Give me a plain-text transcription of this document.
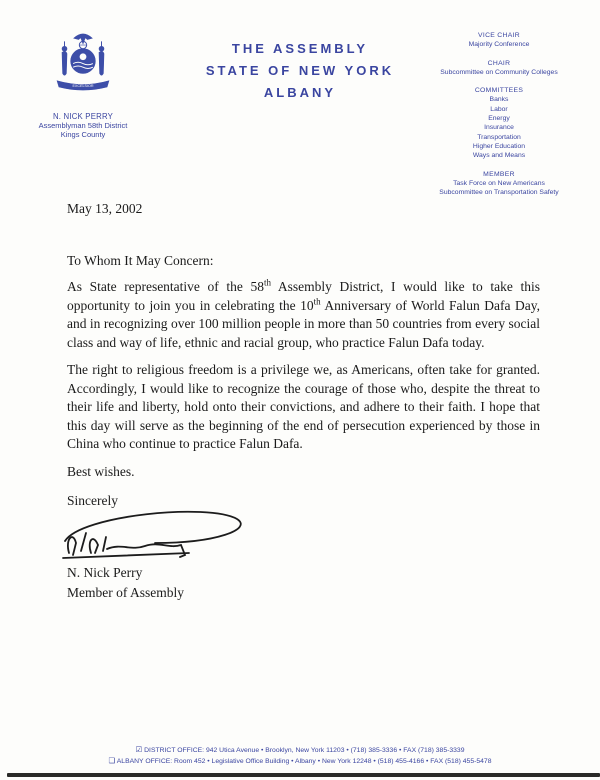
EXCELSIOR
N. NICK PERRY
Assemblyman 58th District
Kings County
THE ASSEMBLY
STATE OF NEW YORK
ALBANY
VICE CHAIR
Majority Conference
CHAIR
Subcommittee on Community Colleges
COMMITTEES
Banks
Labor
Energy
Insurance
Transportation
Higher Education
Ways and Means
MEMBER
Task Force on New Americans
Subcommittee on Transportation Safety

May 13, 2002

To Whom It May Concern:

As State representative of the 58th Assembly District, I would like to take this opportunity to join you in celebrating the 10th Anniversary of World Falun Dafa Day, and in recognizing over 100 million people in more than 50 countries from every social class and way of life, ethnic and racial group, who practice Falun Dafa today.

The right to religious freedom is a privilege we, as Americans, often take for granted. Accordingly, I would like to recognize the courage of those who, despite the threat to their life and liberty, hold onto their convictions, and adhere to their faith. I hope that this day will serve as the beginning of the end of persecution experienced by those in China who continue to practice Falun Dafa.

Best wishes.

Sincerely

N. Nick Perry
Member of Assembly
☑ DISTRICT OFFICE: 942 Utica Avenue • Brooklyn, New York 11203 • (718) 385-3336 • FAX (718) 385-3339
❏ ALBANY OFFICE: Room 452 • Legislative Office Building • Albany • New York 12248 • (518) 455-4166 • FAX (518) 455-5478
